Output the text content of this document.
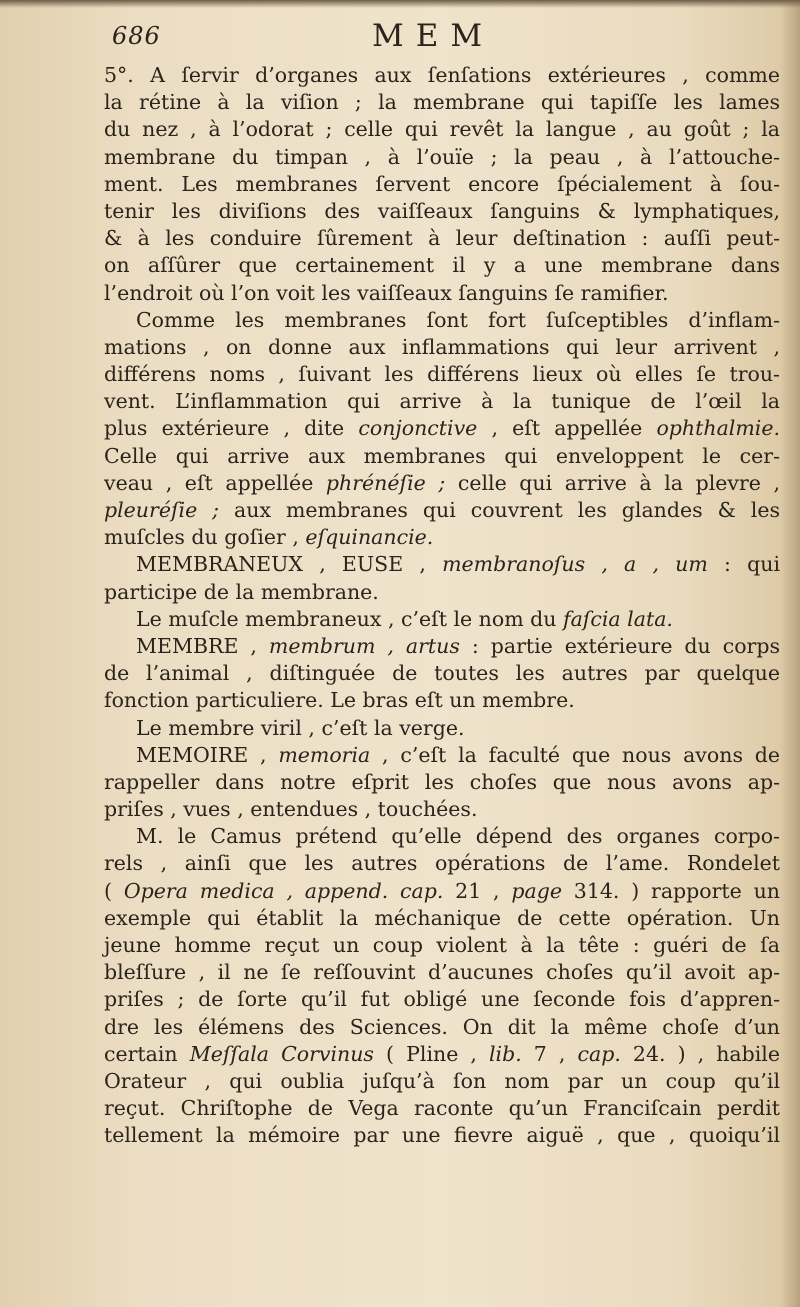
686	MEM
5°. A ſervir d’organes aux ſenſations extérieures , comme
la rétine à la viſion ; la membrane qui tapiſſe les lames
du nez , à l’odorat ; celle qui revêt la langue , au goût ; la
membrane du timpan , à l’ouïe ; la peau , à l’attouche-
ment. Les membranes ſervent encore ſpécialement à ſou-
tenir les diviſions des vaiſſeaux ſanguins & lymphatiques,
& à les conduire ſûrement à leur deſtination : auſſi peut-
on aſſûrer que certainement il y a une membrane dans
l’endroit où l’on voit les vaiſſeaux ſanguins ſe ramifier.
Comme les membranes ſont fort ſuſceptibles d’inflam-
mations , on donne aux inflammations qui leur arrivent ,
différens noms , ſuivant les différens lieux où elles ſe trou-
vent. L’inflammation qui arrive à la tunique de l’œil la
plus extérieure , dite conjonctive , eſt appellée ophthalmie.
Celle qui arrive aux membranes qui enveloppent le cer-
veau , eſt appellée phrénéſie ; celle qui arrive à la plevre ,
pleuréſie ; aux membranes qui couvrent les glandes & les
muſcles du goſier , eſquinancie.
MEMBRANEUX , EUSE , membranoſus , a , um : qui
participe de la membrane.
Le muſcle membraneux , c’eſt le nom du faſcia lata.
MEMBRE , membrum , artus : partie extérieure du corps
de l’animal , diſtinguée de toutes les autres par quelque
fonction particuliere. Le bras eſt un membre.
Le membre viril , c’eſt la verge.
MEMOIRE , memoria , c’eſt la faculté que nous avons de
rappeller dans notre eſprit les choſes que nous avons ap-
priſes , vues , entendues , touchées.
M. le Camus prétend qu’elle dépend des organes corpo-
rels , ainſi que les autres opérations de l’ame. Rondelet
( Opera medica , append. cap. 21 , page 314. ) rapporte un
exemple qui établit la méchanique de cette opération. Un
jeune homme reçut un coup violent à la tête : guéri de ſa
bleſſure , il ne ſe reſſouvint d’aucunes choſes qu’il avoit ap-
priſes ; de ſorte qu’il fut obligé une ſeconde fois d’appren-
dre les élémens des Sciences. On dit la même choſe d’un
certain Meſſala Corvinus ( Pline , lib. 7 , cap. 24. ) , habile
Orateur , qui oublia juſqu’à ſon nom par un coup qu’il
reçut. Chriſtophe de Vega raconte qu’un Franciſcain perdit
tellement la mémoire par une fievre aiguë , que , quoiqu’il
